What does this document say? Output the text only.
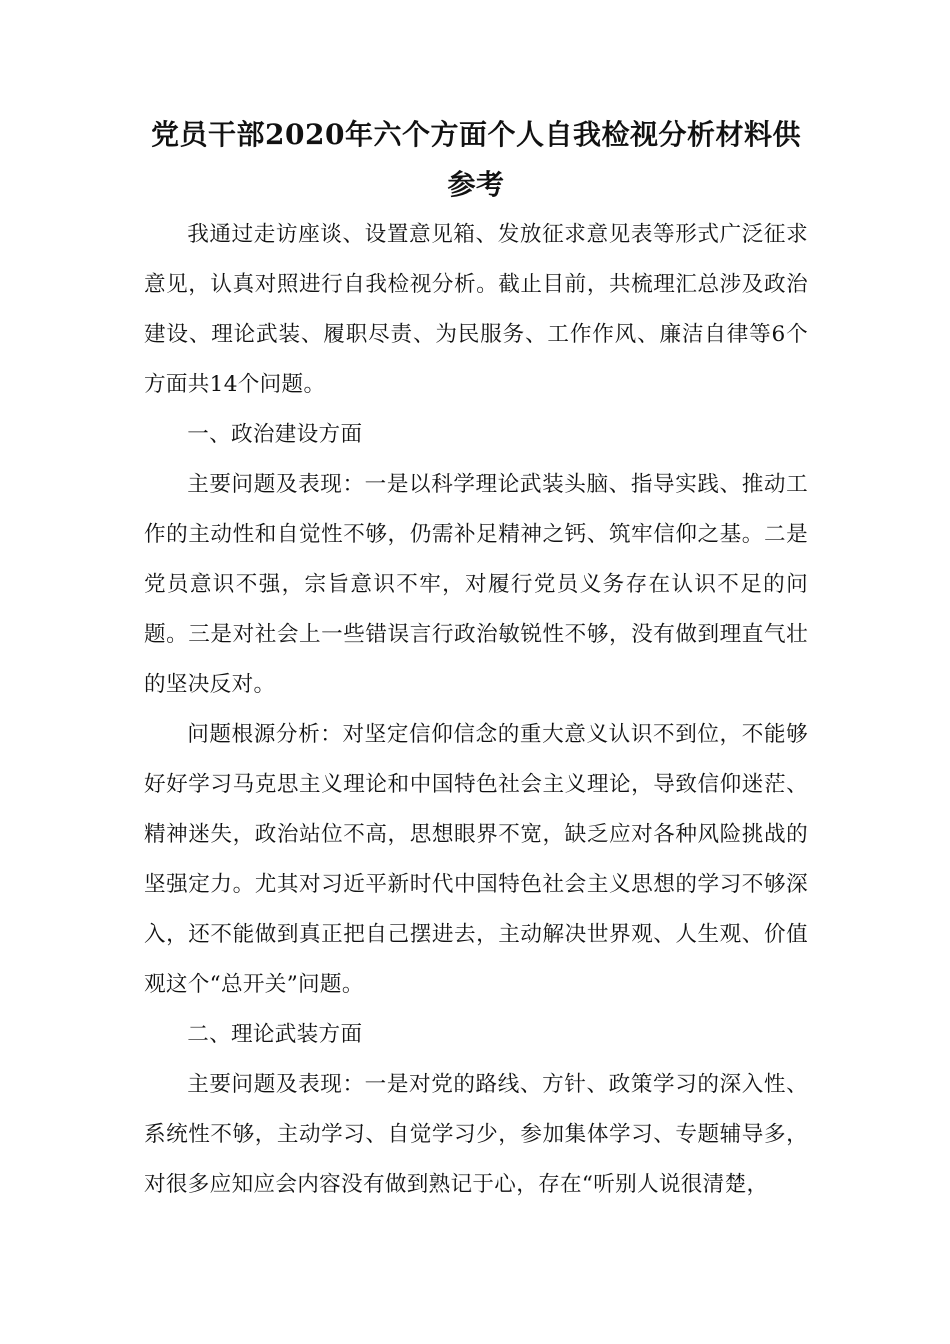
党员干部2020年六个方面个人自我检视分析材料供参考

我通过走访座谈、设置意见箱、发放征求意见表等形式广泛征求意见，认真对照进行自我检视分析。截止目前，共梳理汇总涉及政治建设、理论武装、履职尽责、为民服务、工作作风、廉洁自律等6个方面共14个问题。

一、政治建设方面

主要问题及表现：一是以科学理论武装头脑、指导实践、推动工作的主动性和自觉性不够，仍需补足精神之钙、筑牢信仰之基。二是党员意识不强，宗旨意识不牢，对履行党员义务存在认识不足的问题。三是对社会上一些错误言行政治敏锐性不够，没有做到理直气壮的坚决反对。

问题根源分析：对坚定信仰信念的重大意义认识不到位，不能够好好学习马克思主义理论和中国特色社会主义理论，导致信仰迷茫、精神迷失，政治站位不高，思想眼界不宽，缺乏应对各种风险挑战的坚强定力。尤其对习近平新时代中国特色社会主义思想的学习不够深入，还不能做到真正把自己摆进去，主动解决世界观、人生观、价值观这个“总开关”问题。

二、理论武装方面

主要问题及表现：一是对党的路线、方针、政策学习的深入性、系统性不够，主动学习、自觉学习少，参加集体学习、专题辅导多，对很多应知应会内容没有做到熟记于心，存在“听别人说很清楚，
